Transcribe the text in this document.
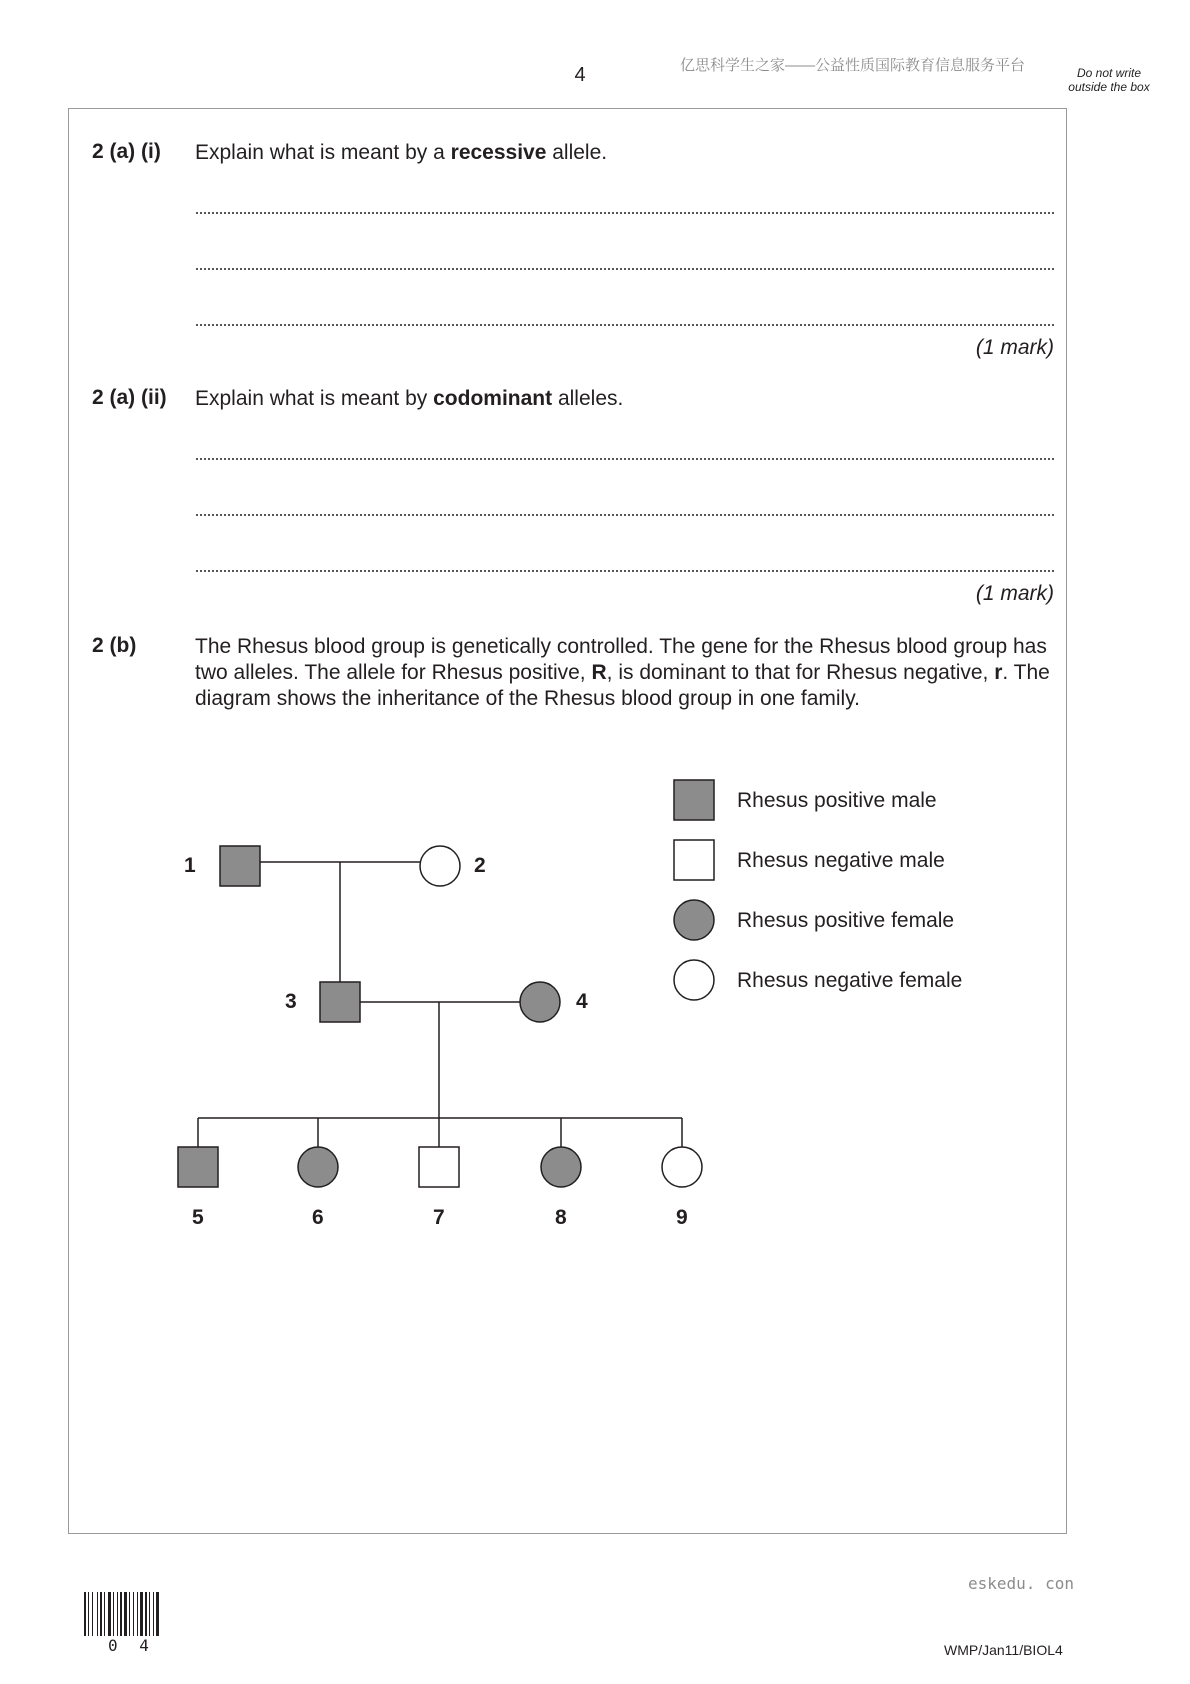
4	亿思科学生之家——公益性质国际教育信息服务平台	Do not write outside the box
2 (a) (i) Explain what is meant by a recessive allele.
(1 mark)
2 (a) (ii) Explain what is meant by codominant alleles.
(1 mark)
2 (b)	The Rhesus blood group is genetically controlled. The gene for the Rhesus blood group has two alleles. The allele for Rhesus positive, R, is dominant to that for Rhesus negative, r. The diagram shows the inheritance of the Rhesus blood group in one family.
Rhesus positive male
Rhesus negative male
Rhesus positive female
Rhesus negative female
1	2
3	4
5	6	7	8	9
eskedu. con
WMP/Jan11/BIOL4
0 4
